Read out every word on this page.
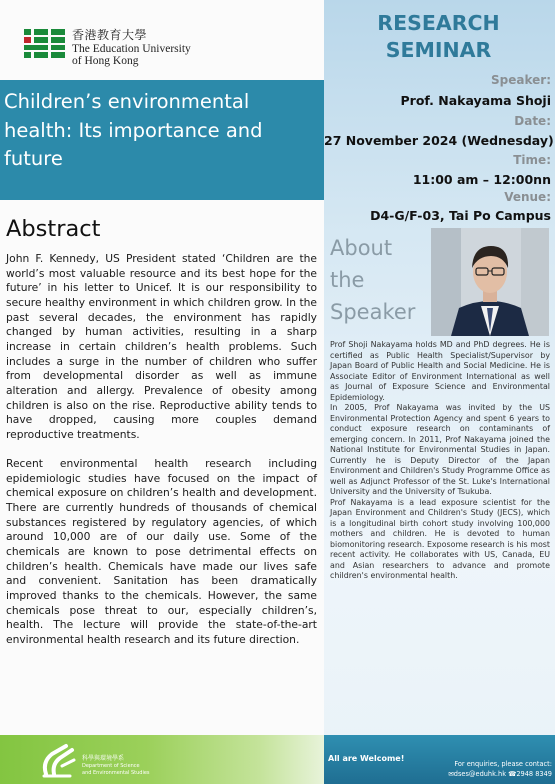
香港教育大學
The Education University
of Hong Kong
Children’s environmental
health: Its importance and
future
Abstract

John F. Kennedy, US President stated ‘Children are the world’s most valuable resource and its best hope for the future’ in his letter to Unicef. It is our responsibility to secure healthy environment in which children grow. In the past several decades, the environment has rapidly changed by human activities, resulting in a sharp increase in certain children’s health problems. Such includes a surge in the number of children who suffer from developmental disorder as well as immune alteration and allergy. Prevalence of obesity among children is also on the rise. Reproductive ability tends to have dropped, causing more couples demand reproductive treatments.

Recent environmental health research including epidemiologic studies have focused on the impact of chemical exposure on children’s health and development. There are currently hundreds of thousands of chemical substances registered by regulatory agencies, of which around 10,000 are of our daily use. Some of the chemicals are known to pose detrimental effects on children’s health. Chemicals have made our lives safe and convenient. Sanitation has been dramatically improved thanks to the chemicals. However, the same chemicals pose threat to our, especially children’s, health. The lecture will provide the state-of-the-art environmental health research and its future direction.

RESEARCH
SEMINAR
Speaker:
Prof. Nakayama Shoji
Date:
27 November 2024 (Wednesday)
Time:
11:00 am – 12:00nn
Venue:
D4-G/F-03, Tai Po Campus
About
the
Speaker

Prof Shoji Nakayama holds MD and PhD degrees. He is certified as Public Health Specialist/Supervisor by Japan Board of Public Health and Social Medicine. He is Associate Editor of Environment International as well as Journal of Exposure Science and Environmental Epidemiology.

In 2005, Prof Nakayama was invited by the US Environmental Protection Agency and spent 6 years to conduct exposure research on contaminants of emerging concern. In 2011, Prof Nakayama joined the National Institute for Environmental Studies in Japan. Currently he is Deputy Director of the Japan Environment and Children's Study Programme Office as well as Adjunct Professor of the St. Luke's International University and the University of Tsukuba.

Prof Nakayama is a lead exposure scientist for the Japan Environment and Children's Study (JECS), which is a longitudinal birth cohort study involving 100,000 mothers and children. He is devoted to human biomonitoring research. Exposome research is his most recent activity. He collaborates with US, Canada, EU and Asian researchers to advance and promote children's environmental health.

科學與環境學系
Department of Science
and Environmental Studies
All are Welcome!
For enquiries, please contact:
✉dses@eduhk.hk ☎2948 8349
